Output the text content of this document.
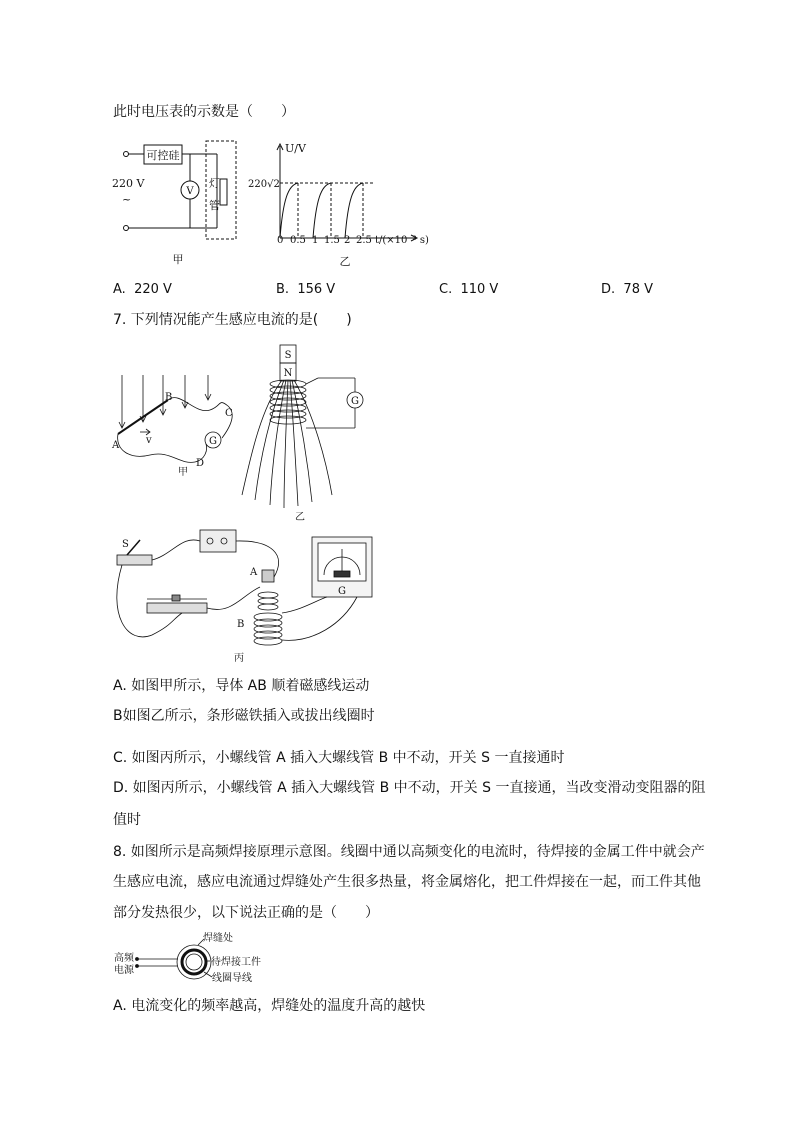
此时电压表的示数是（　　）
可控硅
220 V
~
V
灯
管
甲
U/V
220√2
0 0.5 1 1.5 2 2.5 t/(×10⁻² s)
乙
A. 220 V	B. 156 V	C. 110 V	D. 78 V
7. 下列情况能产生感应电流的是(　　)
A
B
C
D
v	G
甲
S
N
G
乙
S
A
B
G
丙
A. 如图甲所示，导体 AB 顺着磁感线运动
B如图乙所示，条形磁铁插入或拔出线圈时
C. 如图丙所示，小螺线管 A 插入大螺线管 B 中不动，开关 S 一直接通时
D. 如图丙所示，小螺线管 A 插入大螺线管 B 中不动，开关 S 一直接通，当改变滑动变阻器的阻
值时
8. 如图所示是高频焊接原理示意图。线圈中通以高频变化的电流时，待焊接的金属工件中就会产
生感应电流，感应电流通过焊缝处产生很多热量，将金属熔化，把工件焊接在一起，而工件其他
部分发热很少，以下说法正确的是（　　）
焊缝处
高频
电源
待焊接工件
线圈导线
A. 电流变化的频率越高，焊缝处的温度升高的越快
